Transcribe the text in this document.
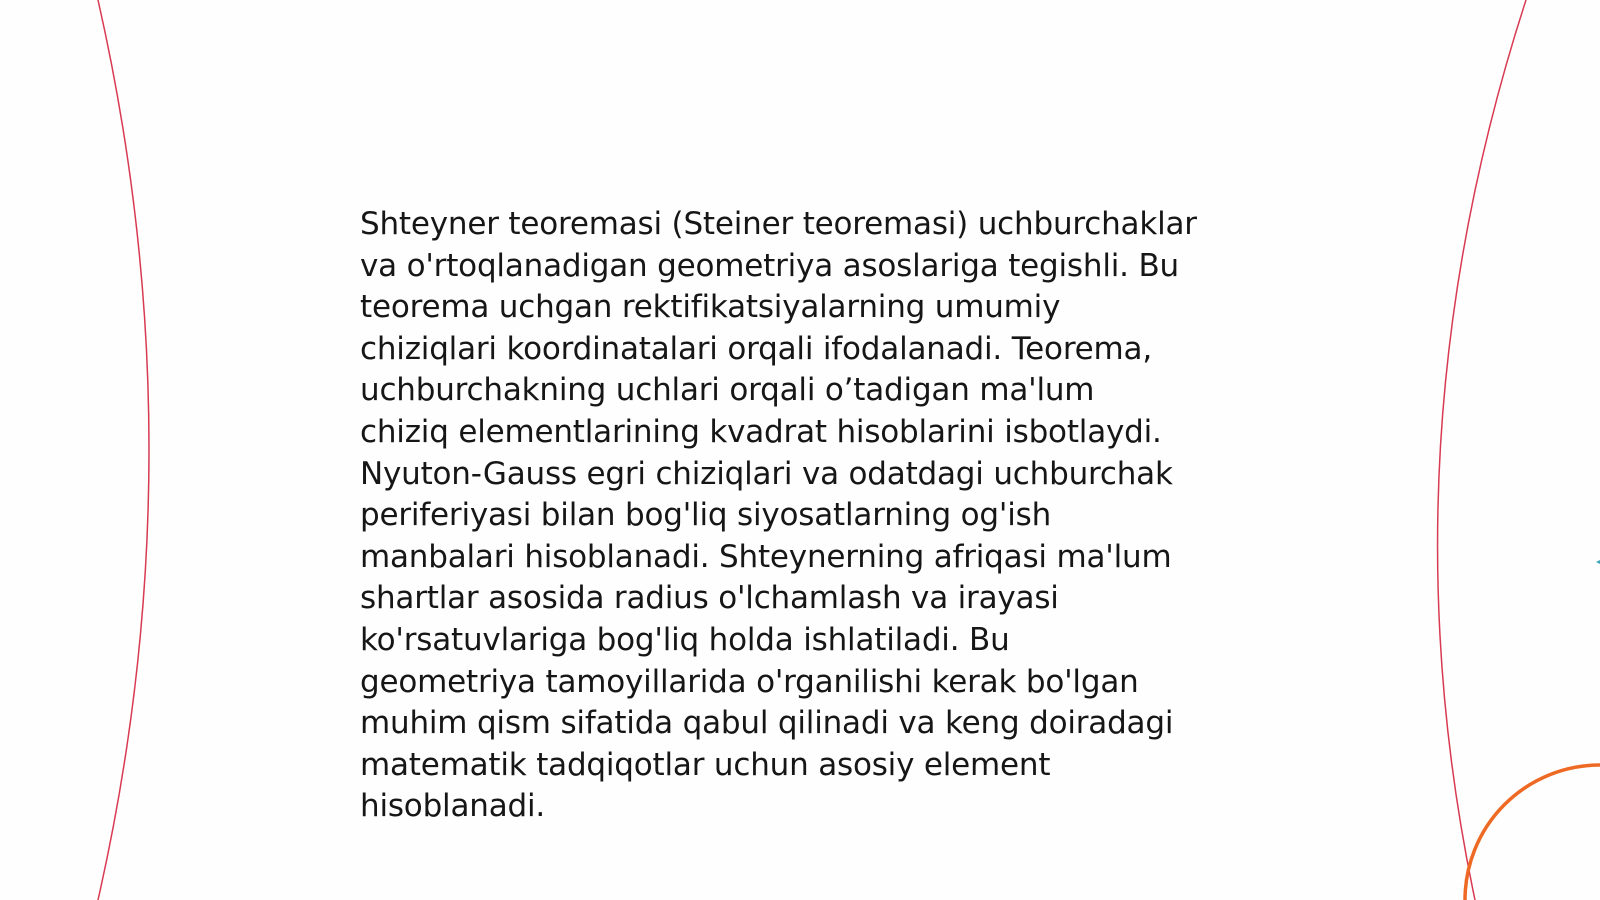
Shteyner teoremasi (Steiner teoremasi) uchburchaklar
va o'rtoqlanadigan geometriya asoslariga tegishli. Bu
teorema uchgan rektifikatsiyalarning umumiy
chiziqlari koordinatalari orqali ifodalanadi. Teorema,
uchburchakning uchlari orqali o’tadigan ma'lum
chiziq elementlarining kvadrat hisoblarini isbotlaydi.
Nyuton-Gauss egri chiziqlari va odatdagi uchburchak
periferiyasi bilan bog'liq siyosatlarning og'ish
manbalari hisoblanadi. Shteynerning afriqasi ma'lum
shartlar asosida radius o'lchamlash va irayasi
ko'rsatuvlariga bog'liq holda ishlatiladi. Bu
geometriya tamoyillarida o'rganilishi kerak bo'lgan
muhim qism sifatida qabul qilinadi va keng doiradagi
matematik tadqiqotlar uchun asosiy element
hisoblanadi.
